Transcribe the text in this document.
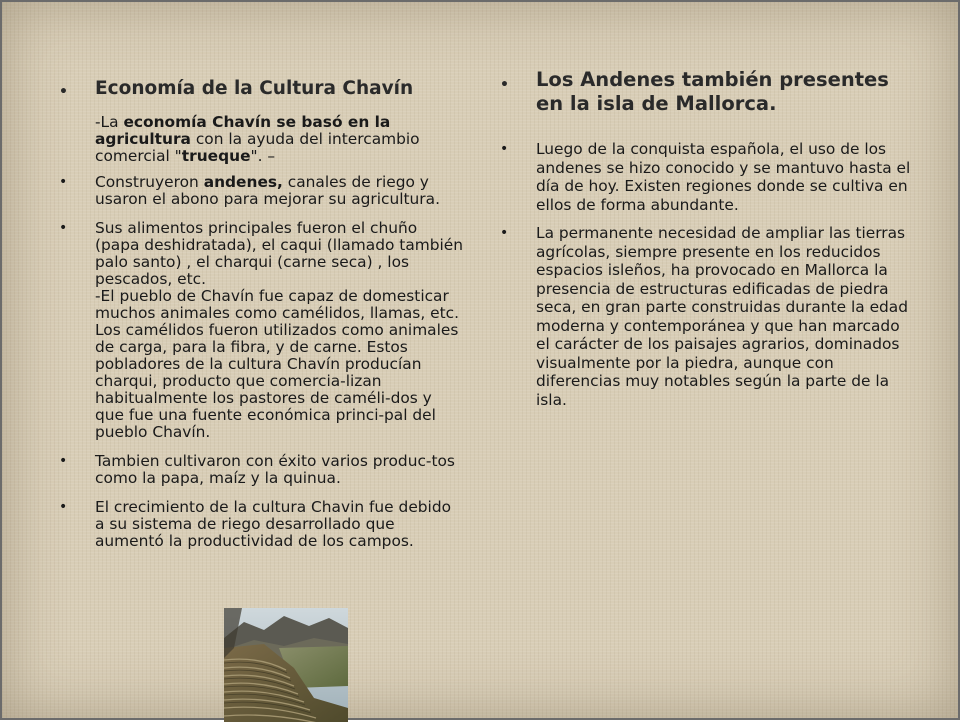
• Economía de la Cultura Chavín

-La economía Chavín se basó en la agricultura con la ayuda del intercambio comercial "trueque". –

• Construyeron andenes, canales de riego y usaron el abono para mejorar su agricultura.
• Sus alimentos principales fueron el chuño (papa deshidratada), el caqui (llamado también palo santo) , el charqui (carne seca) , los pescados, etc.
-El pueblo de Chavín fue capaz de domesticar muchos animales como camélidos, llamas, etc. Los camélidos fueron utilizados como animales de carga, para la fibra, y de carne. Estos pobladores de la cultura Chavín producían charqui, producto que comercia-lizan habitualmente los pastores de caméli-dos y que fue una fuente económica princi-pal del pueblo Chavín.
• Tambien cultivaron con éxito varios produc-tos como la papa, maíz y la quinua.
• El crecimiento de la cultura Chavin fue debido a su sistema de riego desarrollado que aumentó la productividad de los campos.
• Los Andenes también presentes en la isla de Mallorca.
• Luego de la conquista española, el uso de los andenes se hizo conocido y se mantuvo hasta el día de hoy. Existen regiones donde se cultiva en ellos de forma abundante.
• La permanente necesidad de ampliar las tierras agrícolas, siempre presente en los reducidos espacios isleños, ha provocado en Mallorca la presencia de estructuras edificadas de piedra seca, en gran parte construidas durante la edad moderna y contemporánea y que han marcado el carácter de los paisajes agrarios, dominados visualmente por la piedra, aunque con diferencias muy notables según la parte de la isla.
